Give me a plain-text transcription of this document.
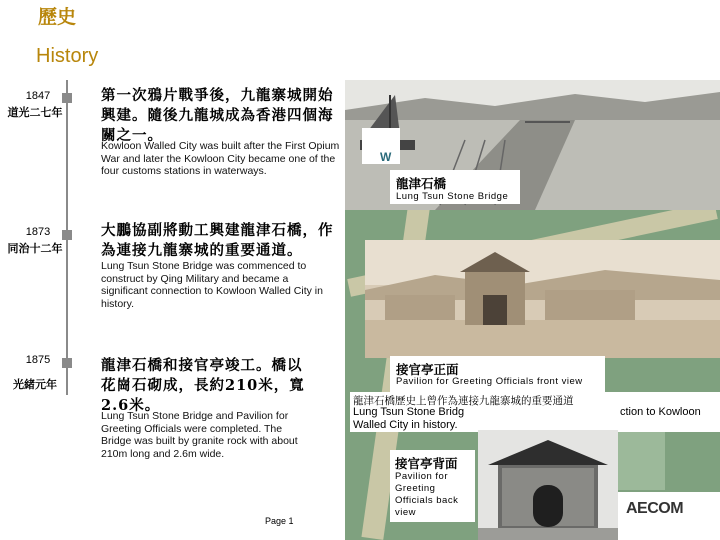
歷史
History
1847
道光二七年
1873
同治十二年
1875
光緒元年
第一次鴉片戰爭後，九龍寨城開始興建。隨後九龍城成為香港四個海關之一。
Kowloon Walled City was built after the First Opium War and later the Kowloon City became one of the four customs stations in waterways.
大鵬協副將動工興建龍津石橋，作為連接九龍寨城的重要通道。
Lung Tsun Stone Bridge was commenced to construct by Qing Military and became a significant connection to Kowloon Walled City in history.
龍津石橋和接官亭竣工。橋以花崗石砌成，長約210米，寬2.6米。
Lung Tsun Stone Bridge and Pavilion for Greeting Officials were completed. The Bridge was built by granite rock with about 210m long and 2.6m wide.
W
龍津石橋
Lung Tsun Stone Bridge
接官亭正面
Pavilion for Greeting Officials front view
龍津石橋歷史上曾作為連接九龍寨城的重要通道
Lung Tsun Stone Bridg	ction to Kowloon
Walled City in history.
接官亭背面
Pavilion for Greeting Officials back view	AECOM
Page 1
